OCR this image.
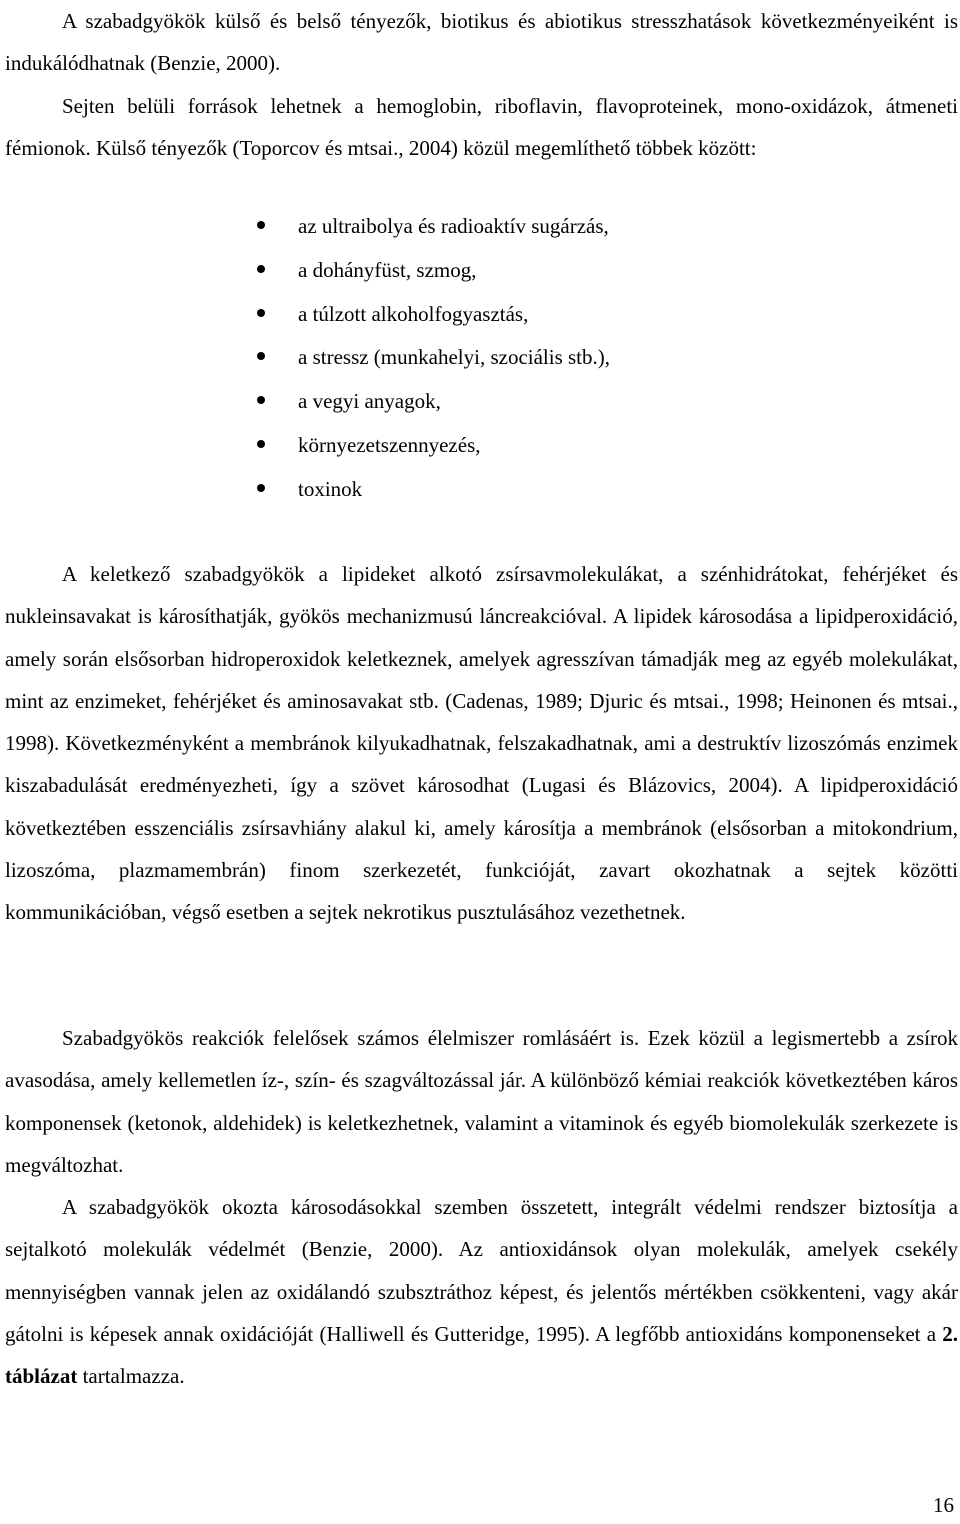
A szabadgyökök külső és belső tényezők, biotikus és abiotikus stresszhatások következményeiként is indukálódhatnak (Benzie, 2000).

Sejten belüli források lehetnek a hemoglobin, riboflavin, flavoproteinek, mono-oxidázok, átmeneti fémionok. Külső tényezők (Toporcov és mtsai., 2004) közül megemlíthető többek között:

az ultraibolya és radioaktív sugárzás,
a dohányfüst, szmog,
a túlzott alkoholfogyasztás,
a stressz (munkahelyi, szociális stb.),
a vegyi anyagok,
környezetszennyezés,
toxinok

A keletkező szabadgyökök a lipideket alkotó zsírsavmolekulákat, a szénhidrátokat, fehérjéket és nukleinsavakat is károsíthatják, gyökös mechanizmusú láncreakcióval. A lipidek károsodása a lipidperoxidáció, amely során elsősorban hidroperoxidok keletkeznek, amelyek agresszívan támadják meg az egyéb molekulákat, mint az enzimeket, fehérjéket és aminosavakat stb. (Cadenas, 1989; Djuric és mtsai., 1998; Heinonen és mtsai., 1998). Következményként a membránok kilyukadhatnak, felszakadhatnak, ami a destruktív lizoszómás enzimek kiszabadulását eredményezheti, így a szövet károsodhat (Lugasi és Blázovics, 2004). A lipidperoxidáció következtében esszenciális zsírsavhiány alakul ki, amely károsítja a membránok (elsősorban a mitokondrium, lizoszóma, plazmamembrán) finom szerkezetét, funkcióját, zavart okozhatnak a sejtek közötti kommunikációban, végső esetben a sejtek nekrotikus pusztulásához vezethetnek.

Szabadgyökös reakciók felelősek számos élelmiszer romlásáért is. Ezek közül a legismertebb a zsírok avasodása, amely kellemetlen íz-, szín- és szagváltozással jár. A különböző kémiai reakciók következtében káros komponensek (ketonok, aldehidek) is keletkezhetnek, valamint a vitaminok és egyéb biomolekulák szerkezete is megváltozhat.

A szabadgyökök okozta károsodásokkal szemben összetett, integrált védelmi rendszer biztosítja a sejtalkotó molekulák védelmét (Benzie, 2000). Az antioxidánsok olyan molekulák, amelyek csekély mennyiségben vannak jelen az oxidálandó szubsztráthoz képest, és jelentős mértékben csökkenteni, vagy akár gátolni is képesek annak oxidációját (Halliwell és Gutteridge, 1995). A legfőbb antioxidáns komponenseket a 2. táblázat tartalmazza.

16
